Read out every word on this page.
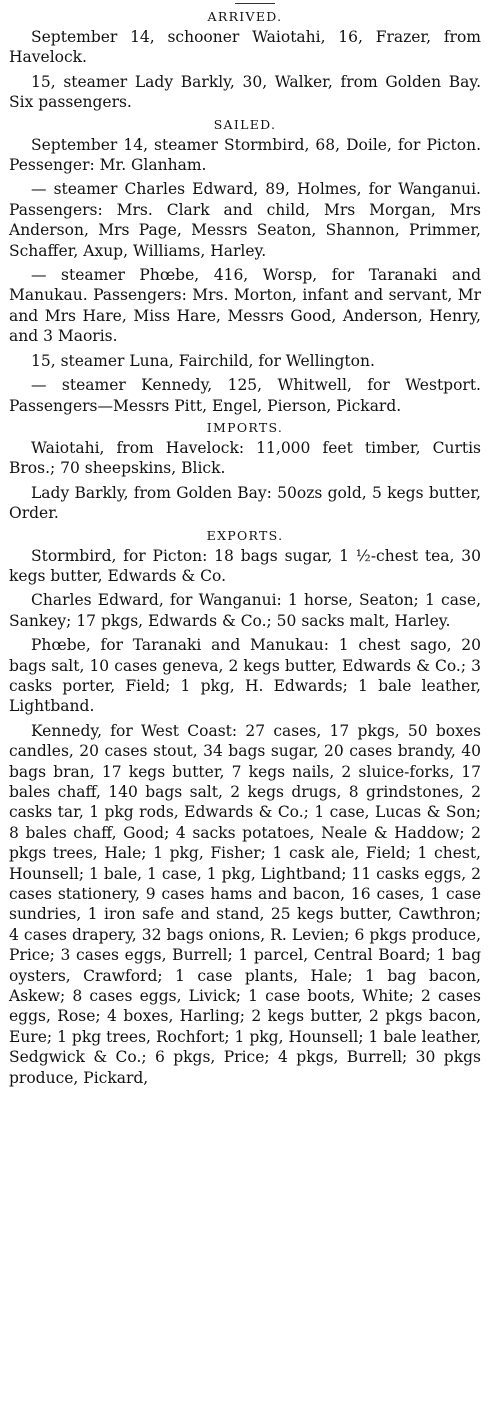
ARRIVED.
September 14, schooner Waiotahi, 16, Frazer, from Havelock.
15, steamer Lady Barkly, 30, Walker, from Golden Bay. Six passengers.
SAILED.
September 14, steamer Stormbird, 68, Doile, for Picton. Pessenger: Mr. Glanham.
— steamer Charles Edward, 89, Holmes, for Wanganui. Passengers: Mrs. Clark and child, Mrs Morgan, Mrs Anderson, Mrs Page, Messrs Seaton, Shannon, Primmer, Schaffer, Axup, Williams, Harley.
— steamer Phœbe, 416, Worsp, for Taranaki and Manukau. Passengers: Mrs. Morton, infant and servant, Mr and Mrs Hare, Miss Hare, Messrs Good, Anderson, Henry, and 3 Maoris.
15, steamer Luna, Fairchild, for Wellington.
— steamer Kennedy, 125, Whitwell, for Westport. Passengers—Messrs Pitt, Engel, Pierson, Pickard.
IMPORTS.
Waiotahi, from Havelock: 11,000 feet timber, Curtis Bros.; 70 sheepskins, Blick.
Lady Barkly, from Golden Bay: 50ozs gold, 5 kegs butter, Order.
EXPORTS.
Stormbird, for Picton: 18 bags sugar, 1 ½-chest tea, 30 kegs butter, Edwards & Co.
Charles Edward, for Wanganui: 1 horse, Seaton; 1 case, Sankey; 17 pkgs, Edwards & Co.; 50 sacks malt, Harley.
Phœbe, for Taranaki and Manukau: 1 chest sago, 20 bags salt, 10 cases geneva, 2 kegs butter, Edwards & Co.; 3 casks porter, Field; 1 pkg, H. Edwards; 1 bale leather, Lightband.
Kennedy, for West Coast: 27 cases, 17 pkgs, 50 boxes candles, 20 cases stout, 34 bags sugar, 20 cases brandy, 40 bags bran, 17 kegs butter, 7 kegs nails, 2 sluice-forks, 17 bales chaff, 140 bags salt, 2 kegs drugs, 8 grindstones, 2 casks tar, 1 pkg rods, Edwards & Co.; 1 case, Lucas & Son; 8 bales chaff, Good; 4 sacks potatoes, Neale & Haddow; 2 pkgs trees, Hale; 1 pkg, Fisher; 1 cask ale, Field; 1 chest, Hounsell; 1 bale, 1 case, 1 pkg, Lightband; 11 casks eggs, 2 cases stationery, 9 cases hams and bacon, 16 cases, 1 case sundries, 1 iron safe and stand, 25 kegs butter, Cawthron; 4 cases drapery, 32 bags onions, R. Levien; 6 pkgs produce, Price; 3 cases eggs, Burrell; 1 parcel, Central Board; 1 bag oysters, Crawford; 1 case plants, Hale; 1 bag bacon, Askew; 8 cases eggs, Livick; 1 case boots, White; 2 cases eggs, Rose; 4 boxes, Harling; 2 kegs butter, 2 pkgs bacon, Eure; 1 pkg trees, Rochfort; 1 pkg, Hounsell; 1 bale leather, Sedgwick & Co.; 6 pkgs, Price; 4 pkgs, Burrell; 30 pkgs produce, Pickard,
